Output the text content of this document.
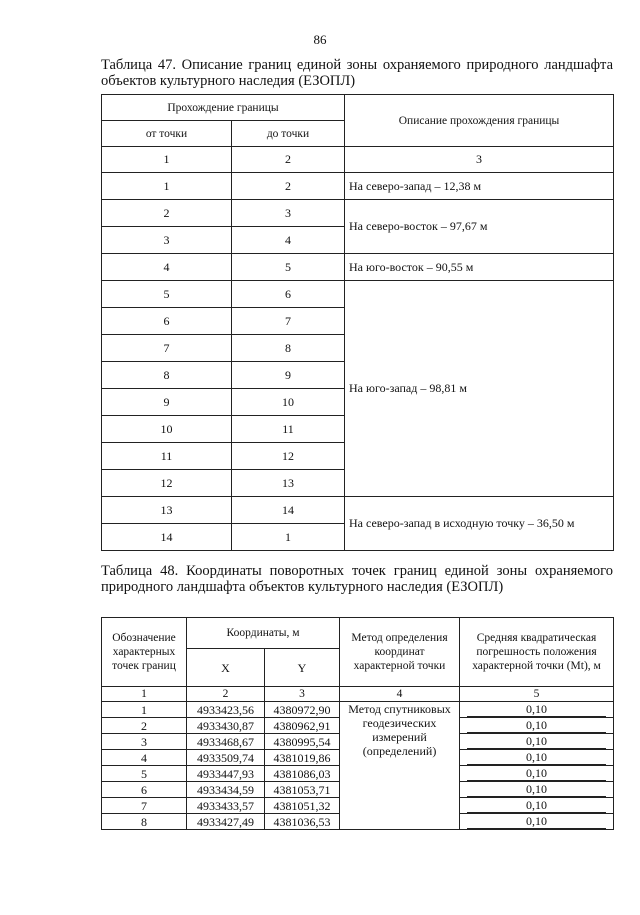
86
Таблица 47. Описание границ единой зоны охраняемого природного ландшафта объектов культурного наследия (ЕЗОПЛ)
Прохождение границы		Описание прохождения границы
от точки	до точки	
1	2	3
1	2	На северо-запад – 12,38 м
2	3	На северо-восток – 97,67 м
3	4	
4	5	На юго-восток – 90,55 м
5	6	На юго-запад – 98,81 м
6	7	
7	8	
8	9	
9	10	
10	11	
11	12	
12	13	
13	14	На северо-запад в исходную точку – 36,50 м
14	1	
Таблица 48. Координаты поворотных точек границ единой зоны охраняемого природного ландшафта объектов культурного наследия (ЕЗОПЛ)
Обозначение характерных точек границ	Координаты, м		Метод определения координат характерной точки	Средняя квадратическая погрешность положения характерной точки (Mt), м
	X	Y		
1	2	3	4	5
1	4933423,56	4380972,90	Метод спутниковых геодезических измерений (определений)	0,10

2	4933430,87	4380962,91		0,10

3	4933468,67	4380995,54		0,10

4	4933509,74	4381019,86		0,10

5	4933447,93	4381086,03		0,10

6	4933434,59	4381053,71		0,10

7	4933433,57	4381051,32		0,10

8	4933427,49	4381036,53		0,10
